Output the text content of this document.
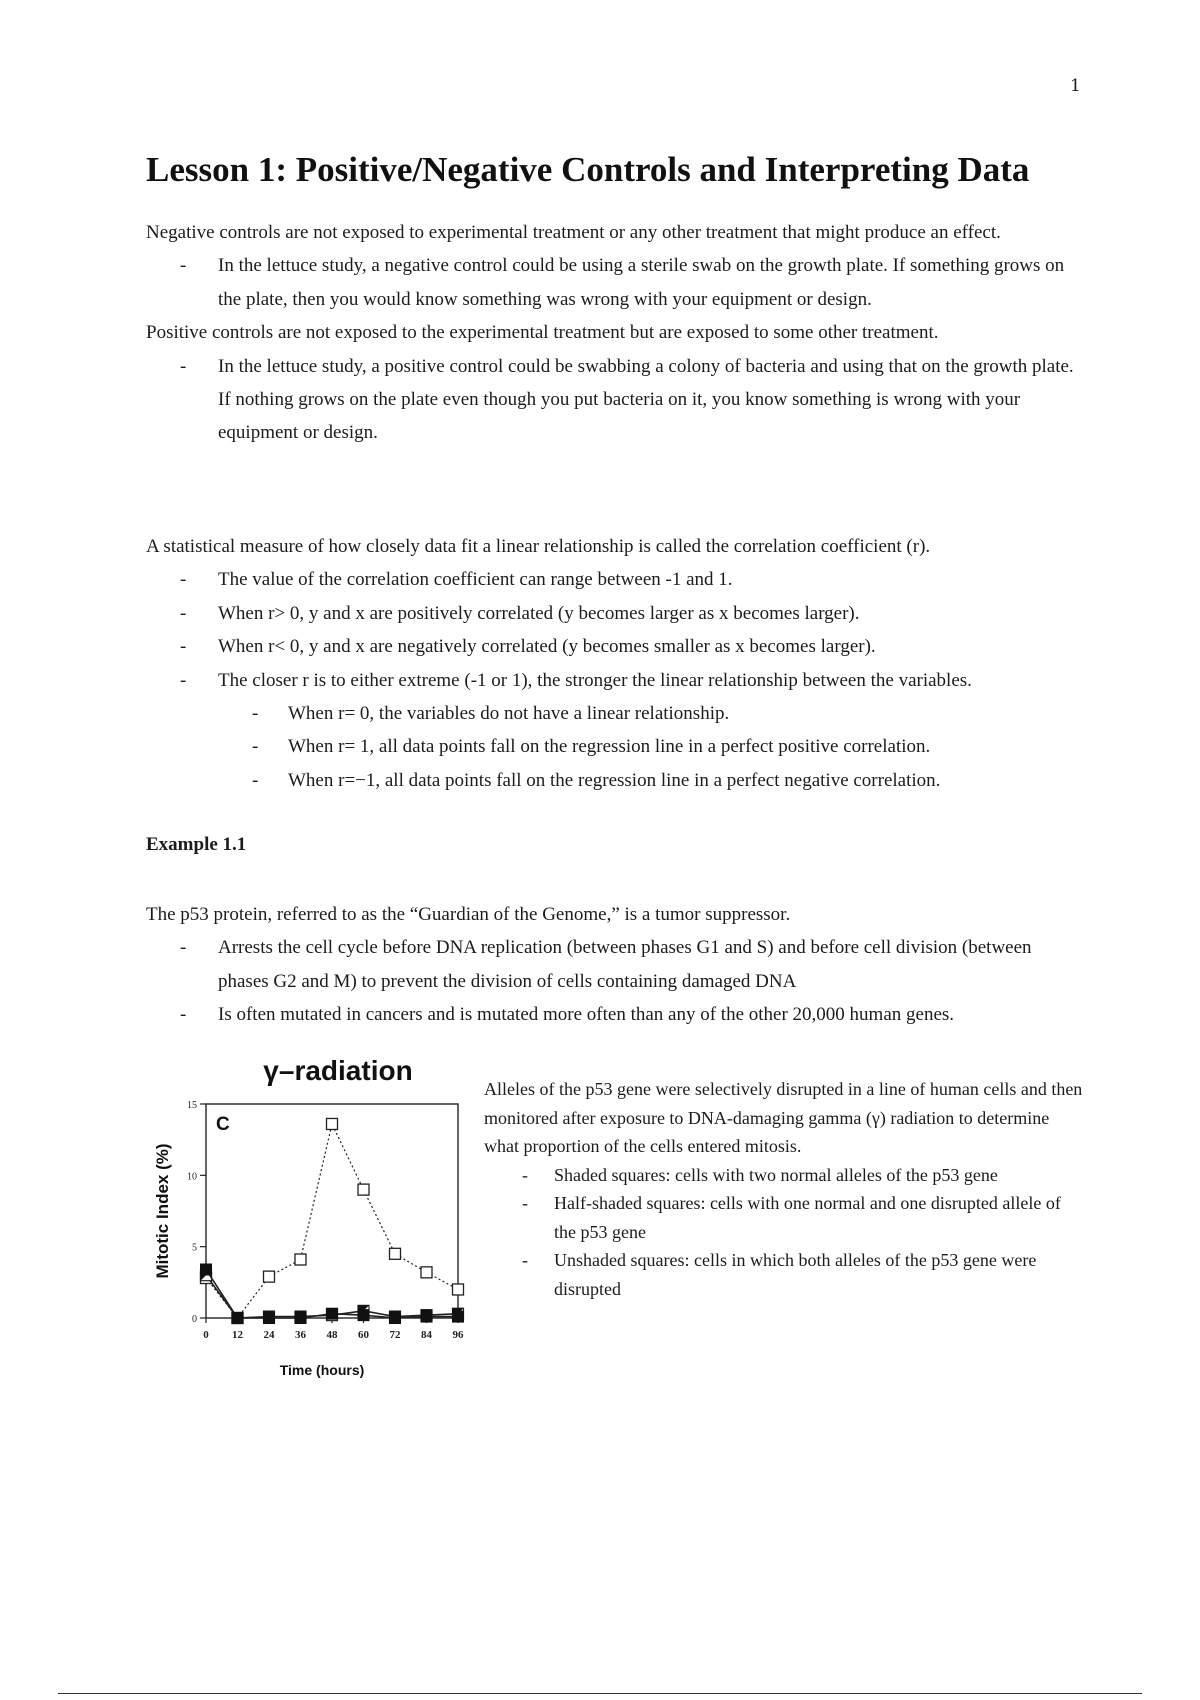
1
Lesson 1: Positive/Negative Controls and Interpreting Data

Negative controls are not exposed to experimental treatment or any other treatment that might produce an effect.

-	In the lettuce study, a negative control could be using a sterile swab on the growth plate. If something grows on the plate, then you would know something was wrong with your equipment or design.

Positive controls are not exposed to the experimental treatment but are exposed to some other treatment.

-	In the lettuce study, a positive control could be swabbing a colony of bacteria and using that on the growth plate. If nothing grows on the plate even though you put bacteria on it, you know something is wrong with your equipment or design.

A statistical measure of how closely data fit a linear relationship is called the correlation coefficient (r).

-	The value of the correlation coefficient can range between -1 and 1.
-	When r> 0, y and x are positively correlated (y becomes larger as x becomes larger).
-	When r< 0, y and x are negatively correlated (y becomes smaller as x becomes larger).
-	The closer r is to either extreme (-1 or 1), the stronger the linear relationship between the variables.
-	When r= 0, the variables do not have a linear relationship.
-	When r= 1, all data points fall on the regression line in a perfect positive correlation.
-	When r=−1, all data points fall on the regression line in a perfect negative correlation.
Example 1.1

The p53 protein, referred to as the “Guardian of the Genome,” is a tumor suppressor.

-	Arrests the cell cycle before DNA replication (between phases G1 and S) and before cell division (between phases G2 and M) to prevent the division of cells containing damaged DNA
-	Is often mutated in cancers and is mutated more often than any of the other 20,000 human genes.
γ–radiation
C
0
5
10
15
0 12 24 36 48 60 72 84 96
Time (hours)
Mitotic Index (%)

Alleles of the p53 gene were selectively disrupted in a line of human cells and then monitored after exposure to DNA-damaging gamma (γ) radiation to determine what proportion of the cells entered mitosis.

-	Shaded squares: cells with two normal alleles of the p53 gene
-	Half-shaded squares: cells with one normal and one disrupted allele of the p53 gene
-	Unshaded squares: cells in which both alleles of the p53 gene were disrupted
